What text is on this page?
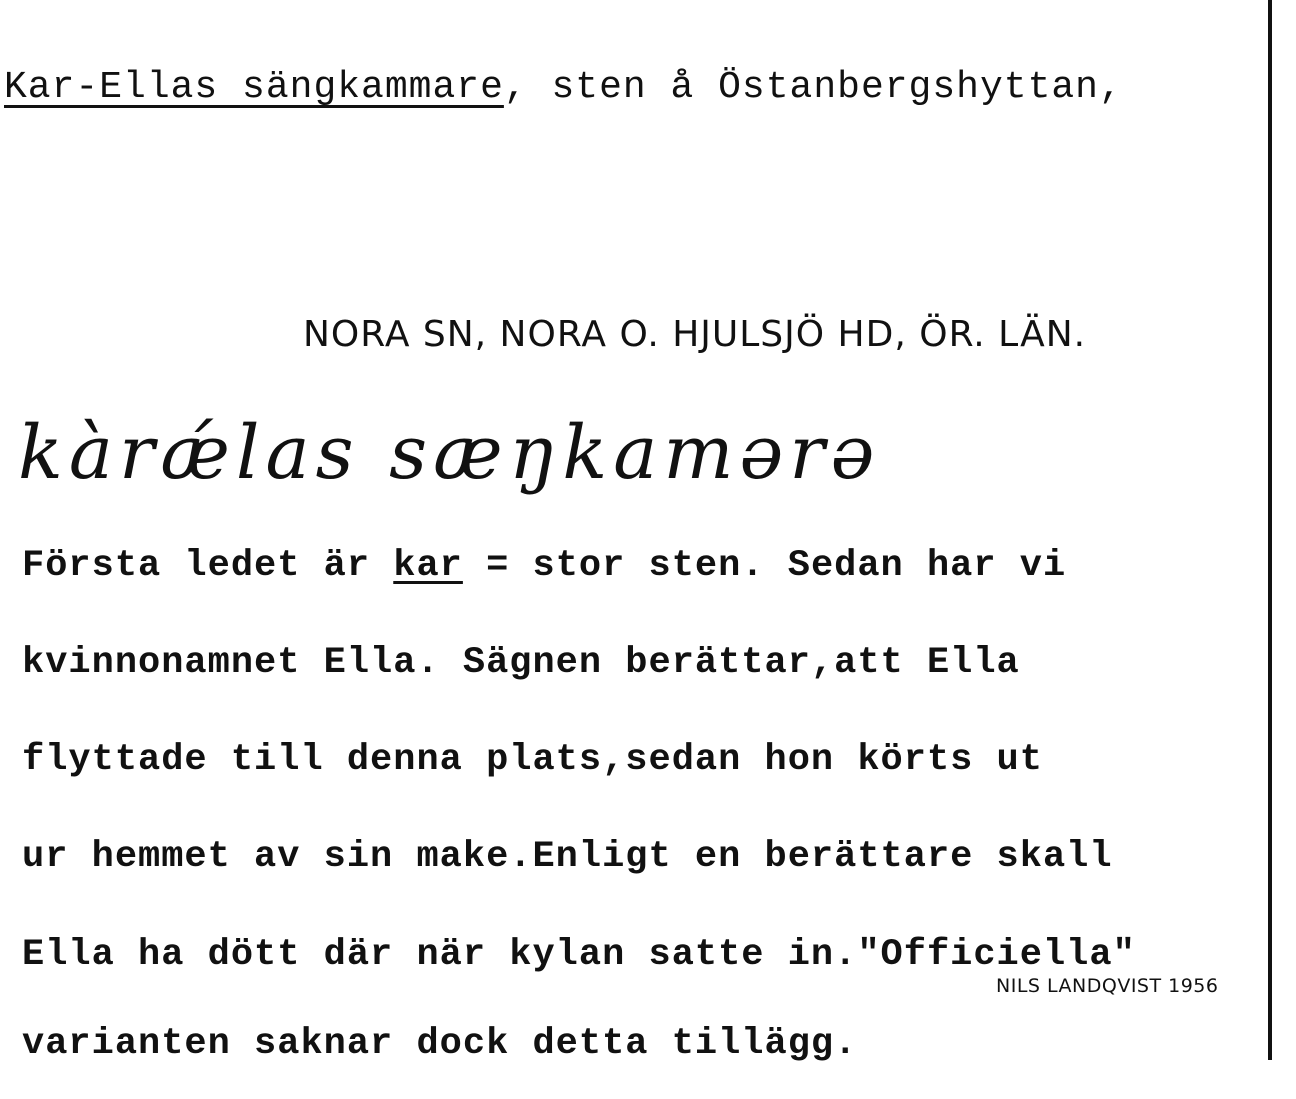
Kar-Ellas sängkammare, sten å Östanbergshyttan,
NORA SN, NORA O. HJULSJÖ HD, ÖR. LÄN.
kàrǽlas sæŋkamərə
Första ledet är kar = stor sten. Sedan har vi
kvinnonamnet Ella. Sägnen berättar,att Ella
flyttade till denna plats,sedan hon körts ut
ur hemmet av sin make.Enligt en berättare skall
Ella ha dött där när kylan satte in."Officiella"
varianten saknar dock detta tillägg.
NILS LANDQVIST 1956
